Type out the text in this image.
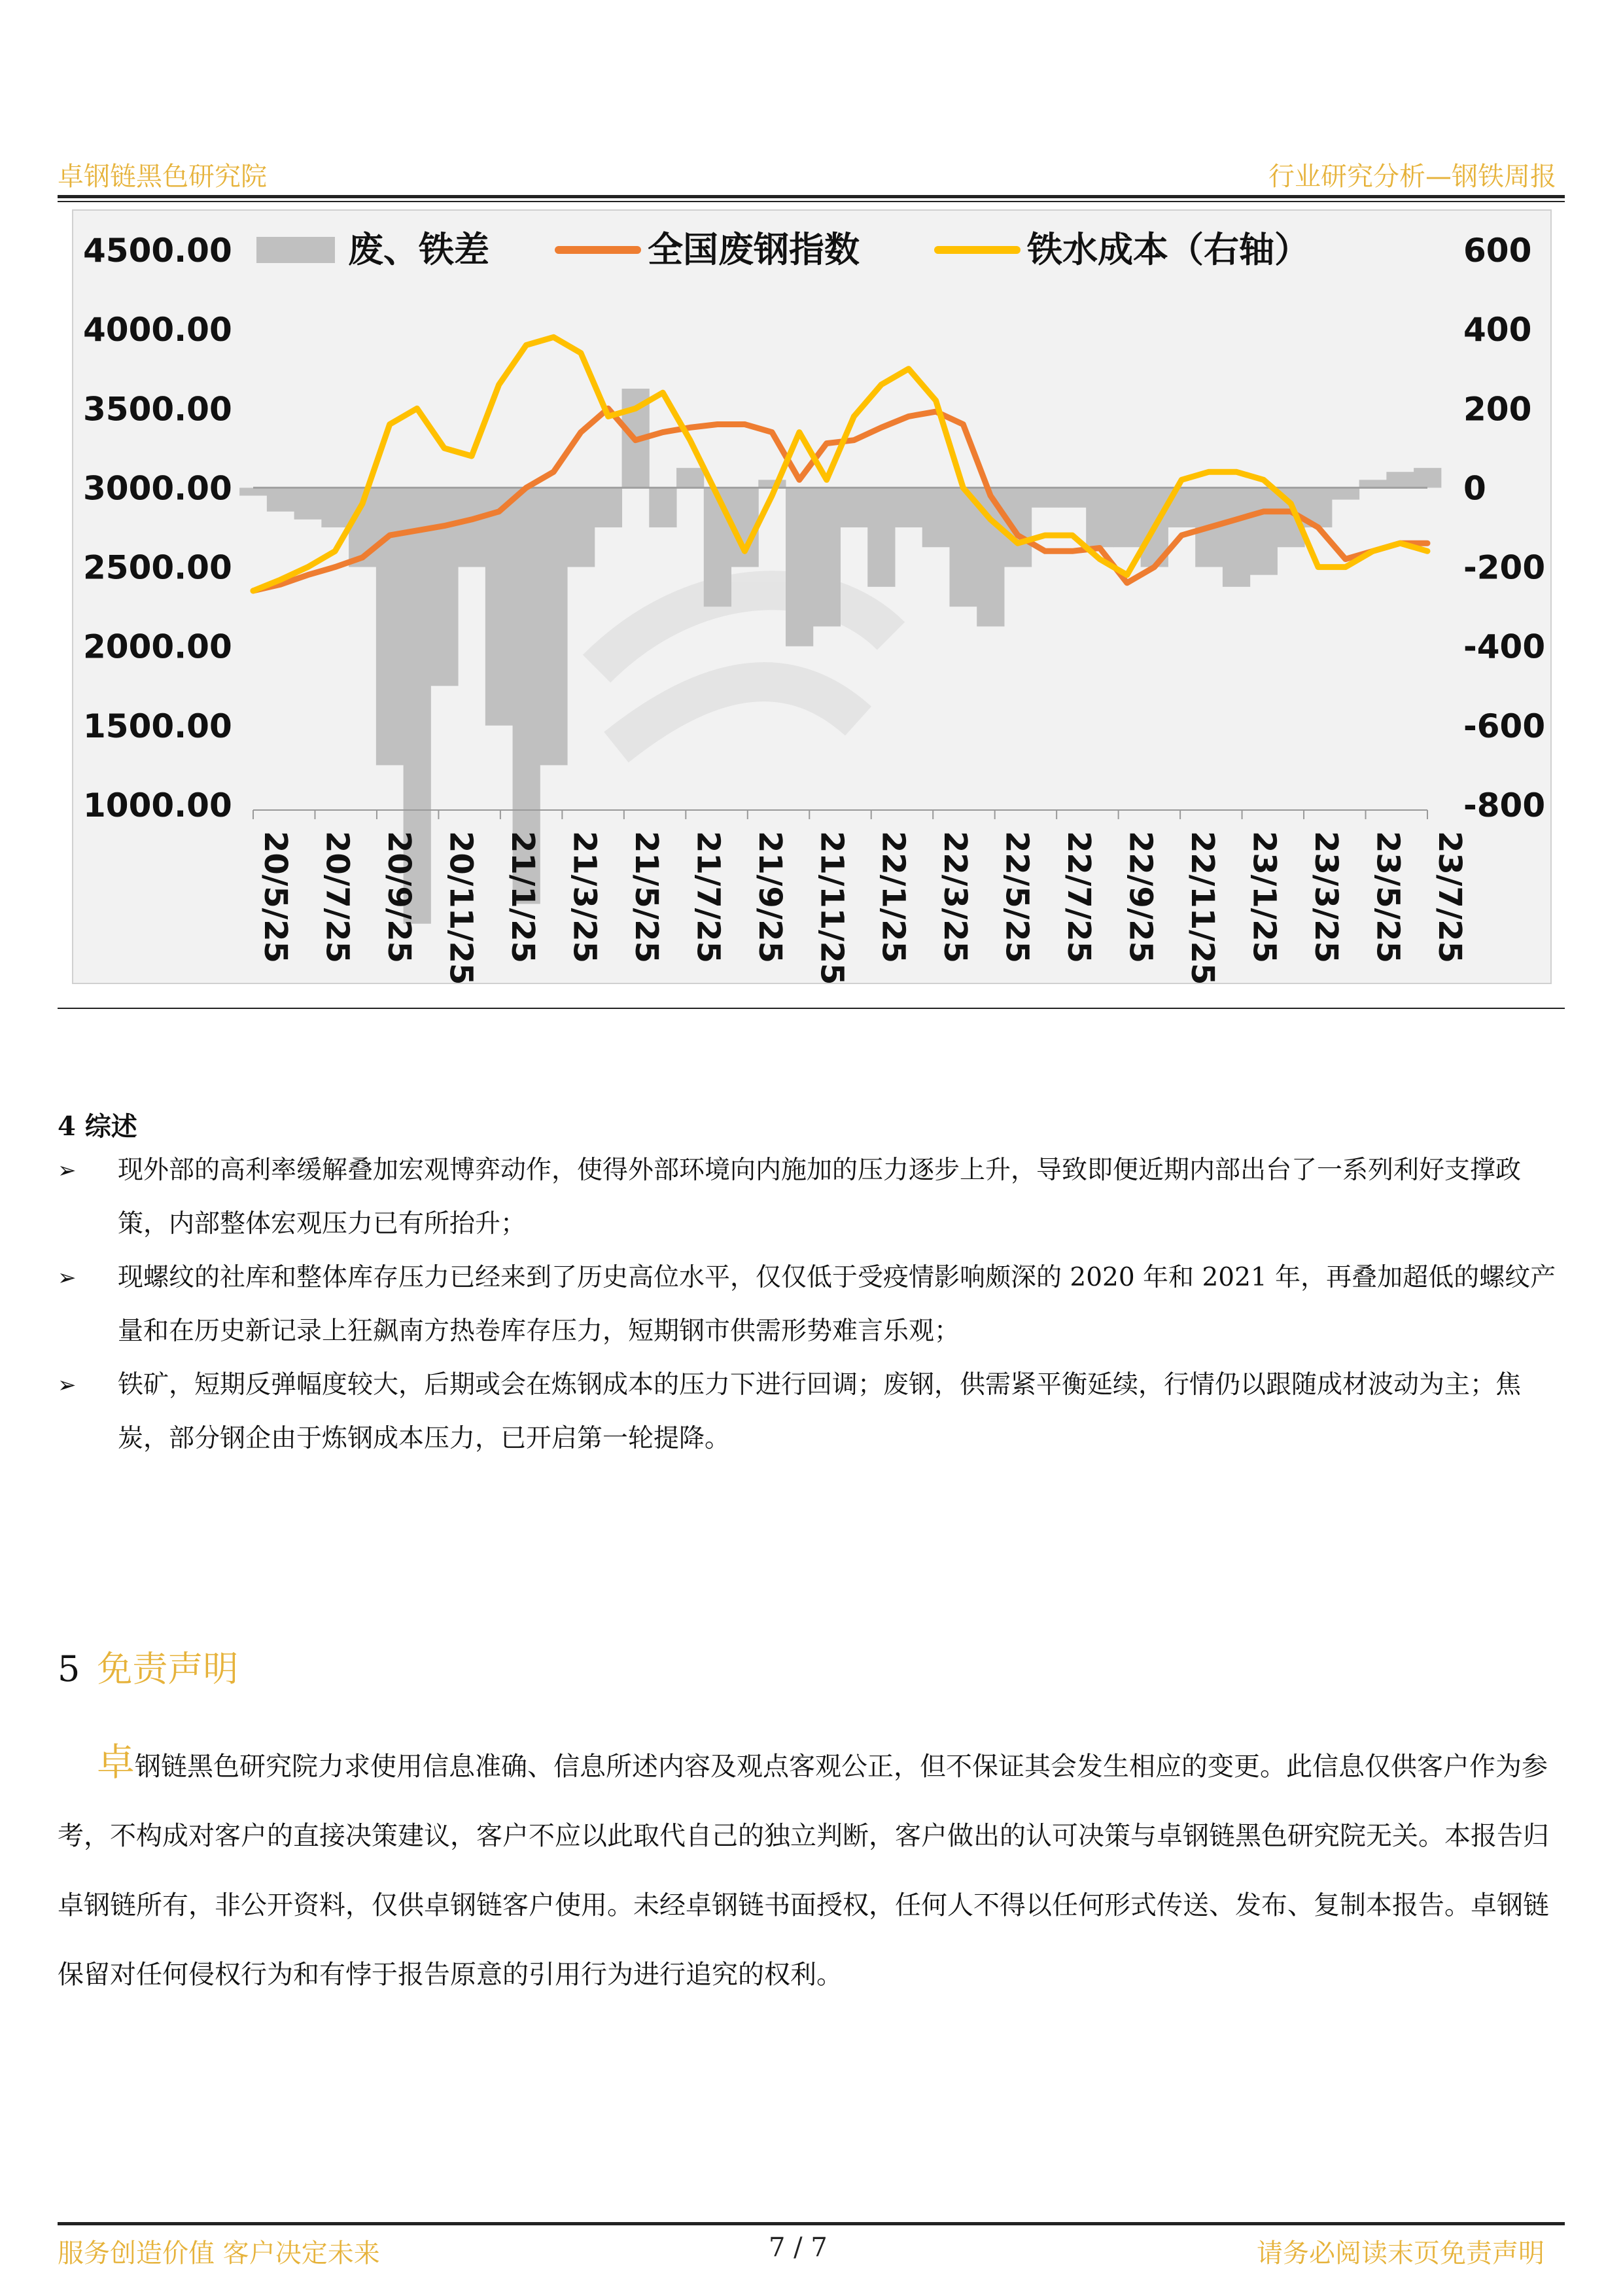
卓钢链黑色研究院	行业研究分析—钢铁周报
4500.00
4000.00
3500.00
3000.00
2500.00
2000.00
1500.00
1000.00
600
400
200
0
-200
-400
-600
-800
20/5/25 20/7/25 20/9/25 20/11/25 21/1/25 21/3/25 21/5/25 21/7/25 21/9/25 21/11/25 22/1/25 22/3/25 22/5/25 22/7/25 22/9/25 22/11/25 23/1/25 23/3/25 23/5/25 23/7/25
废、铁差	全国废钢指数	铁水成本（右轴）
4 综述
➢ 现外部的高利率缓解叠加宏观博弈动作，使得外部环境向内施加的压力逐步上升，导致即便近期内部出台了一系列利好支撑政策，内部整体宏观压力已有所抬升；
➢ 现螺纹的社库和整体库存压力已经来到了历史高位水平，仅仅低于受疫情影响颇深的 2020 年和 2021 年，再叠加超低的螺纹产量和在历史新记录上狂飙南方热卷库存压力，短期钢市供需形势难言乐观；
➢ 铁矿，短期反弹幅度较大，后期或会在炼钢成本的压力下进行回调；废钢，供需紧平衡延续，行情仍以跟随成材波动为主；焦炭，部分钢企由于炼钢成本压力，已开启第一轮提降。
5 免责声明
卓钢链黑色研究院力求使用信息准确、信息所述内容及观点客观公正，但不保证其会发生相应的变更。此信息仅供客户作为参考，不构成对客户的直接决策建议，客户不应以此取代自己的独立判断，客户做出的认可决策与卓钢链黑色研究院无关。本报告归卓钢链所有，非公开资料，仅供卓钢链客户使用。未经卓钢链书面授权，任何人不得以任何形式传送、发布、复制本报告。卓钢链保留对任何侵权行为和有悖于报告原意的引用行为进行追究的权利。
服务创造价值 客户决定未来	7 / 7	请务必阅读末页免责声明
